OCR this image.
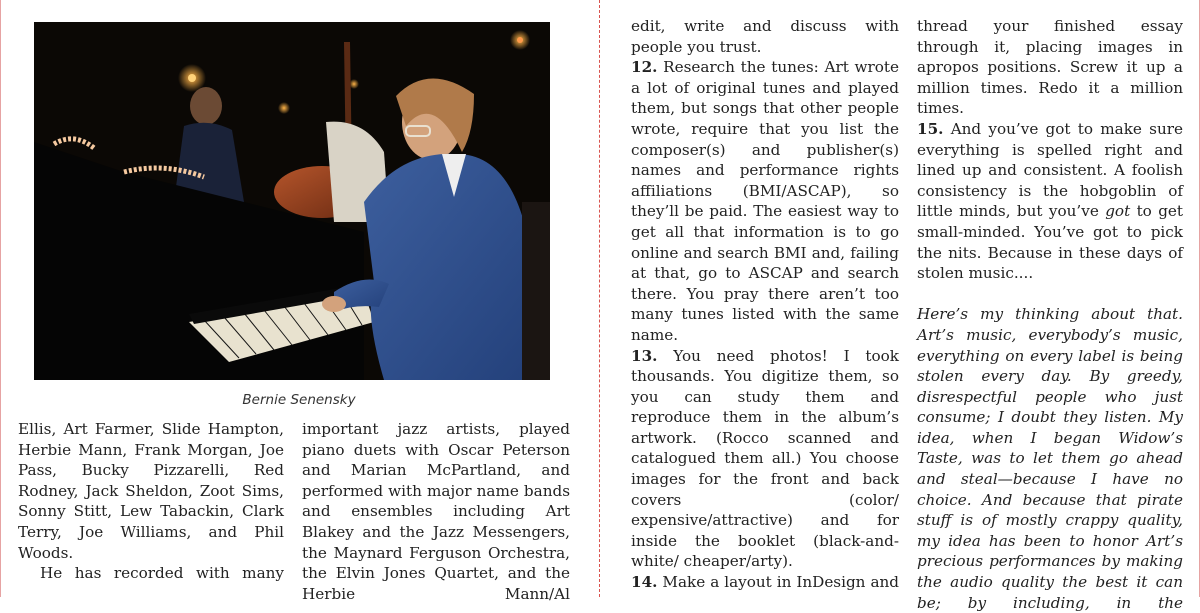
Bernie Senensky

Ellis, Art Farmer, Slide Hampton, Herbie Mann, Frank Morgan, Joe Pass, Bucky Pizzarelli, Red Rodney, Jack Sheldon, Zoot Sims, Sonny Stitt, Lew Tabackin, Clark Terry, Joe Williams, and Phil Woods.

He has recorded with many

important jazz artists, played piano duets with Oscar Peterson and Marian McPartland, and performed with major name bands and ensembles including Art Blakey and the Jazz Messengers, the Maynard Ferguson Orchestra, the Elvin Jones Quartet, and the Herbie Mann/Al

edit, write and discuss with people you trust.

12. Research the tunes: Art wrote a lot of original tunes and played them, but songs that other people wrote, require that you list the composer(s) and publisher(s) names and performance rights affiliations (BMI/ASCAP), so they’ll be paid. The easiest way to get all that information is to go online and search BMI and, failing at that, go to ASCAP and search there. You pray there aren’t too many tunes listed with the same name.

13. You need photos! I took thousands. You digitize them, so you can study them and reproduce them in the album’s artwork. (Rocco scanned and catalogued them all.) You choose images for the front and back covers (color/ expensive/attractive) and for inside the booklet (black-and-white/ cheaper/arty).

14. Make a layout in InDesign and

thread your finished essay through it, placing images in apropos positions. Screw it up a million times. Redo it a million times.

15. And you’ve got to make sure everything is spelled right and lined up and consistent. A foolish consistency is the hobgoblin of little minds, but you’ve got to get small-minded. You’ve got to pick the nits. Because in these days of stolen music....

Here’s my thinking about that. Art’s music, everybody’s music, everything on every label is being stolen every day. By greedy, disrespectful people who just consume; I doubt they listen. My idea, when I began Widow’s Taste, was to let them go ahead and steal—because I have no choice. And because that pirate stuff is of mostly crappy quality, my idea has been to honor Art’s precious performances by making the audio quality the best it can be; by including, in the
